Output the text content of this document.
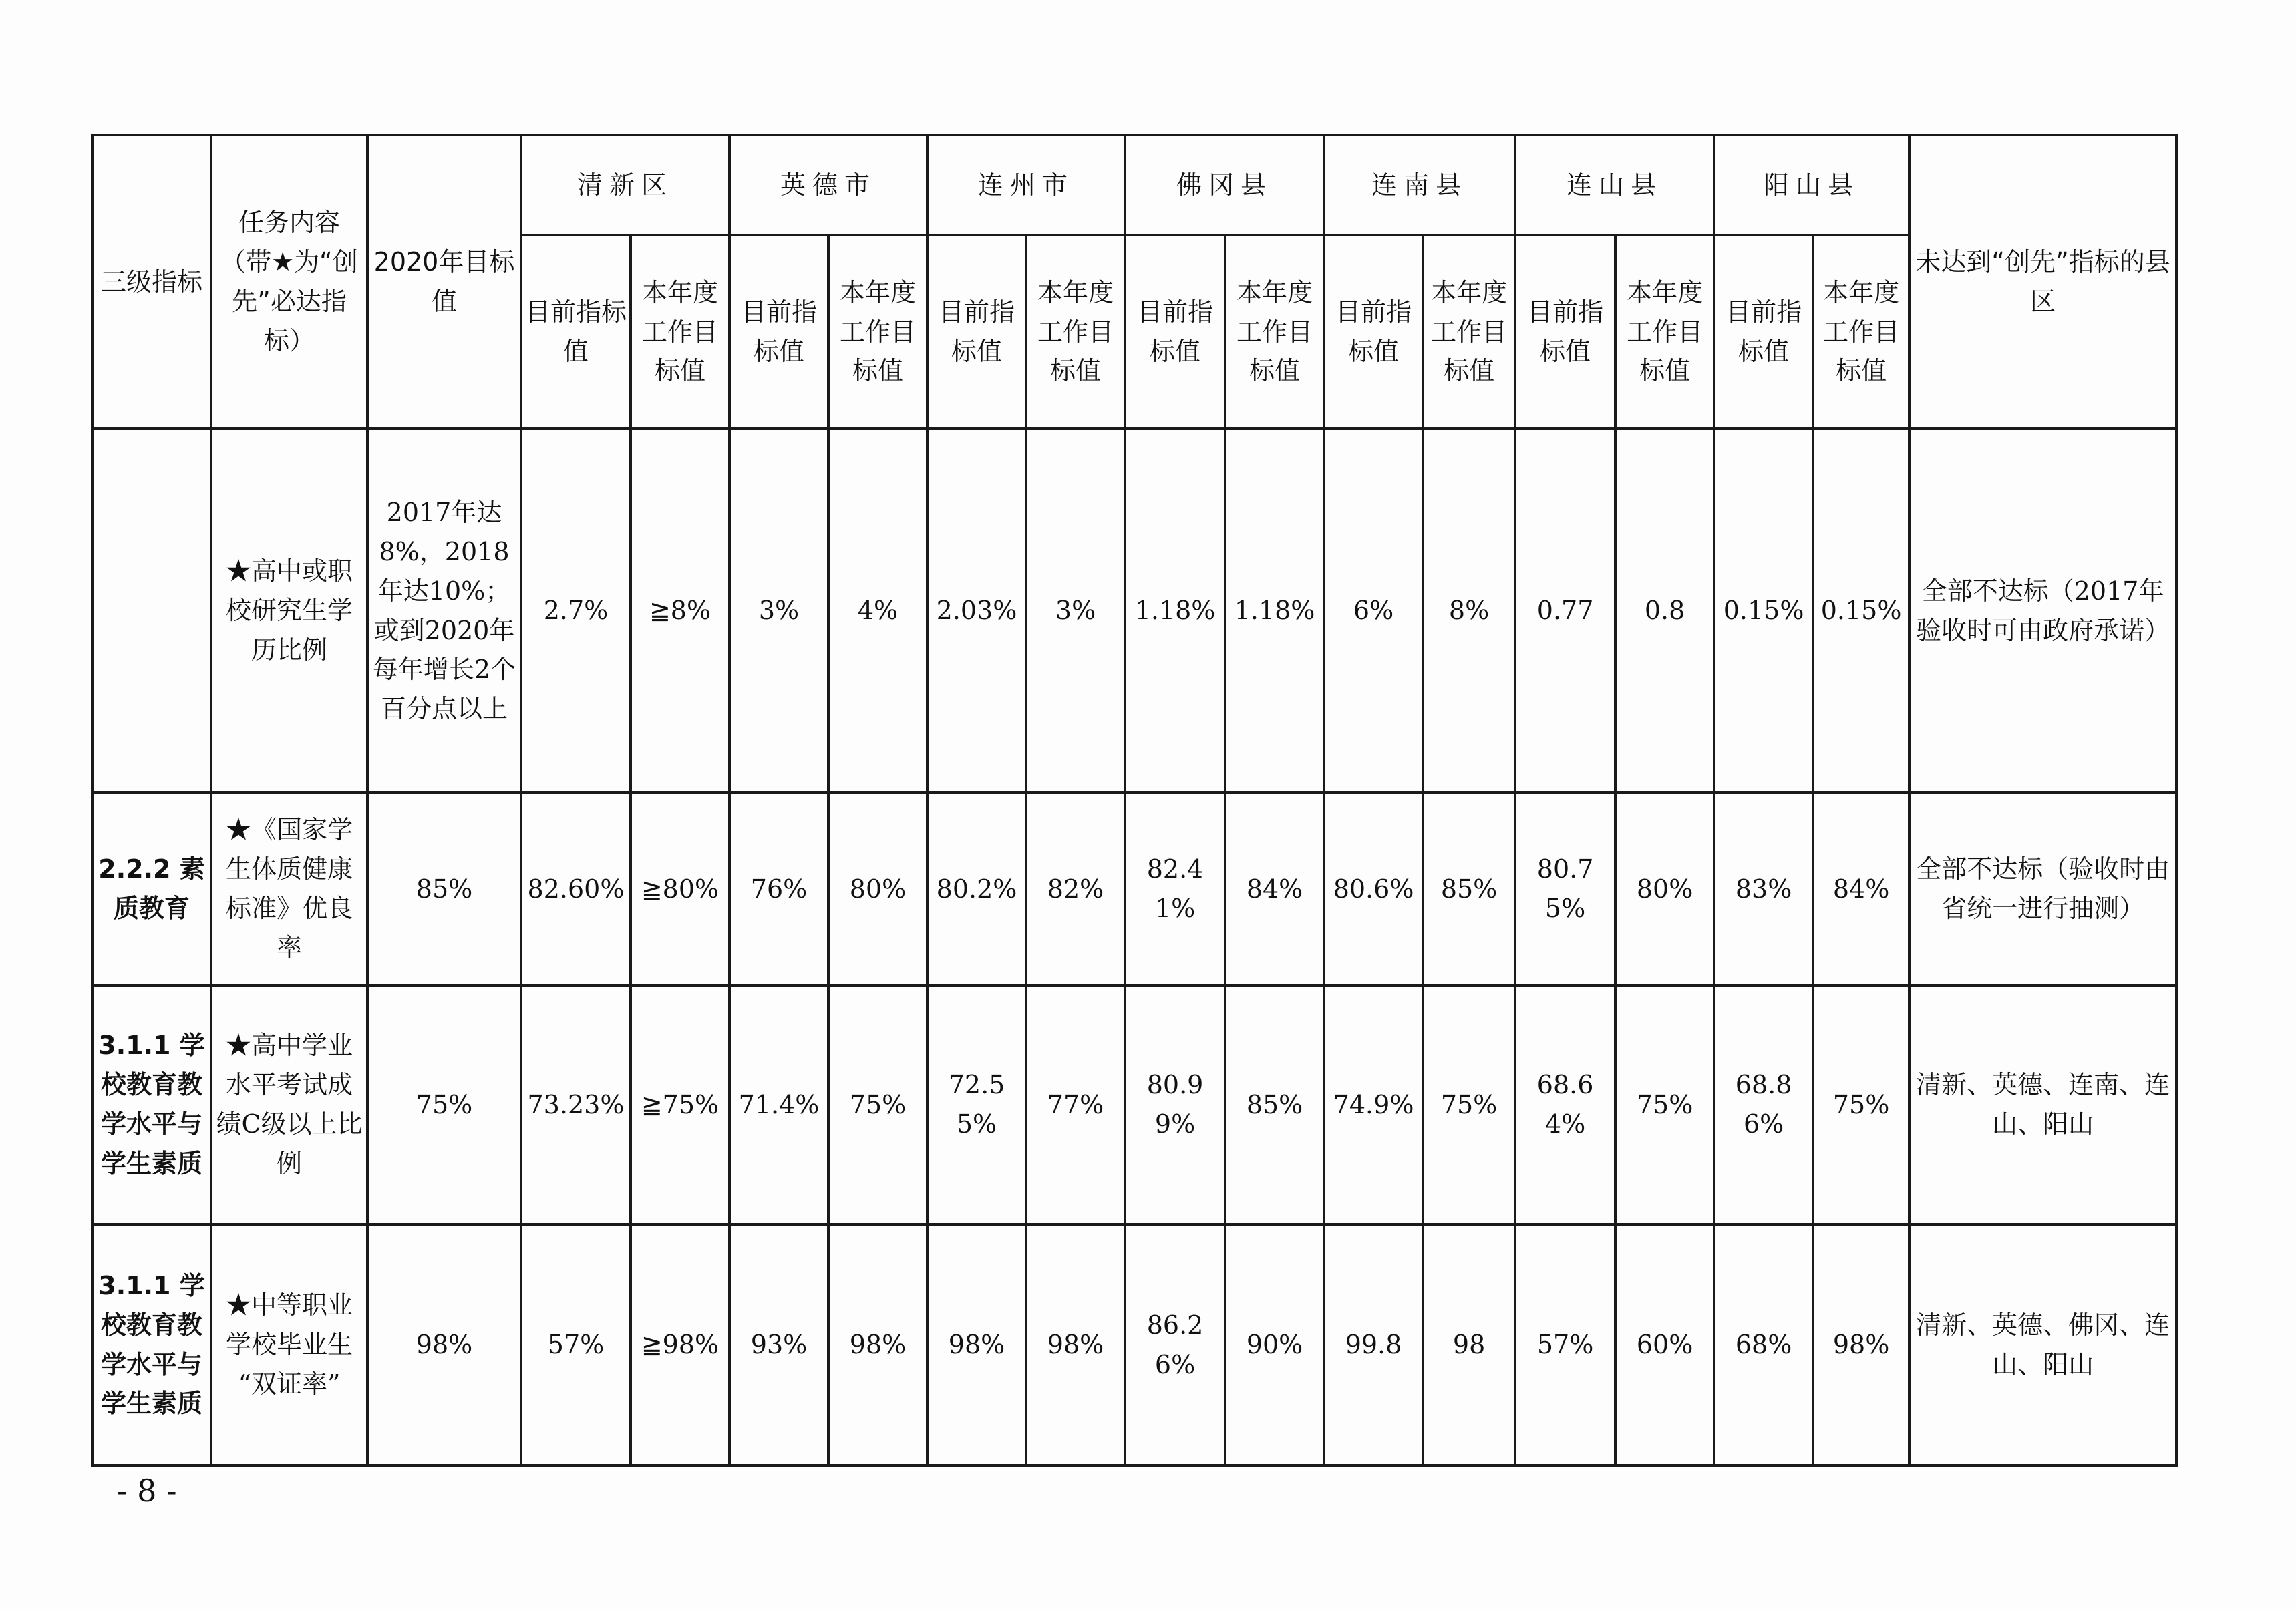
三级指标	任务内容（带★为“创先”必达指标）	2020年目标值	清新区		英德市		连州市		佛冈县		连南县		连山县		阳山县		未达到“创先”指标的县区
			目前指标值	本年度工作目标值	目前指标值	本年度工作目标值	目前指标值	本年度工作目标值	目前指标值	本年度工作目标值	目前指标值	本年度工作目标值	目前指标值	本年度工作目标值	目前指标值	本年度工作目标值	
	★高中或职校研究生学历比例	2017年达8%，2018年达10%；或到2020年每年增长2个百分点以上	2.7%	≧8%	3%	4%	2.03%	3%	1.18%	1.18%	6%	8%	0.77	0.8	0.15%	0.15%	全部不达标（2017年验收时可由政府承诺）
2.2.2 素质教育	★《国家学生体质健康标准》优良率	85%	82.60%	≧80%	76%	80%	80.2%	82%	82.41%	84%	80.6%	85%	80.75%	80%	83%	84%	全部不达标（验收时由省统一进行抽测）
3.1.1 学校教育教学水平与学生素质	★高中学业水平考试成绩C级以上比例	75%	73.23%	≧75%	71.4%	75%	72.55%	77%	80.99%	85%	74.9%	75%	68.64%	75%	68.86%	75%	清新、英德、连南、连山、阳山
3.1.1 学校教育教学水平与学生素质	★中等职业学校毕业生 “双证率”	98%	57%	≧98%	93%	98%	98%	98%	86.26%	90%	99.8	98	57%	60%	68%	98%	清新、英德、佛冈、连山、阳山
- 8 -
